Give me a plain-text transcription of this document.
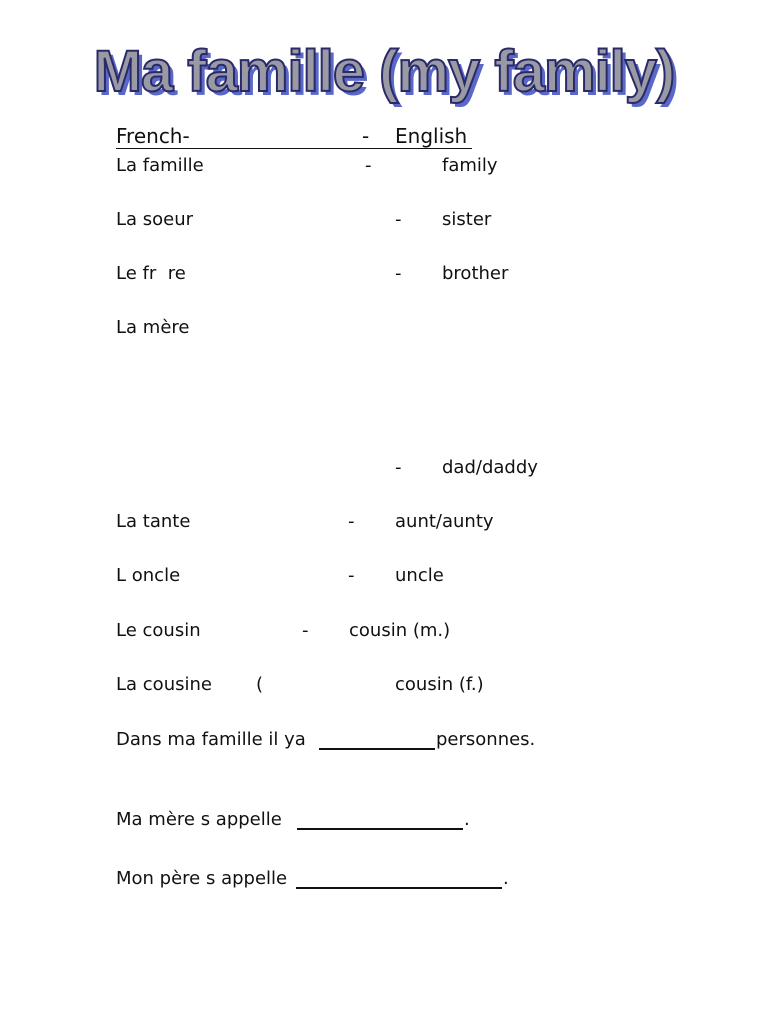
Ma famille (my family)
French-	- English
La famille	-	family
La soeur	- sister
Le fr  re	- brother
La mère
- dad/daddy
La tante	- aunt/aunty
L oncle	- uncle
Le cousin	- cousin (m.)
La cousine (	cousin (f.)
Dans ma famille il ya	personnes.
Ma mère s appelle	.
Mon père s appelle	.
